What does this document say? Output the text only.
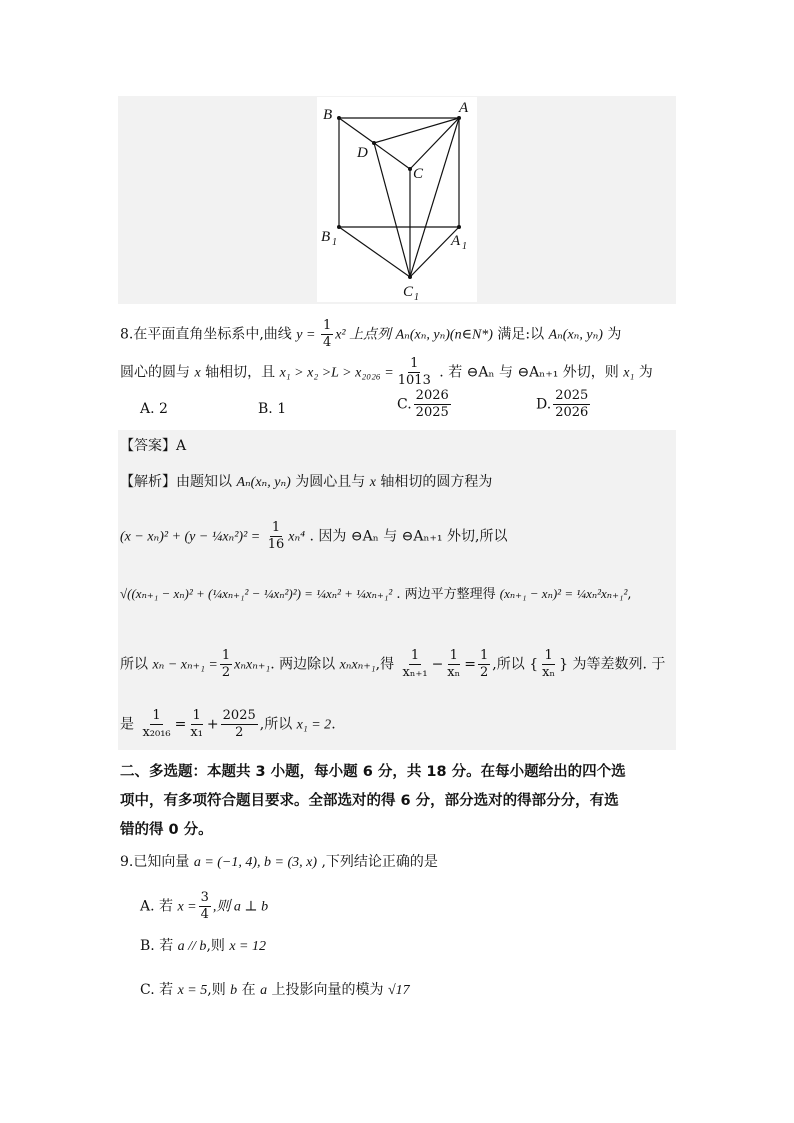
B	A
D
C
B 1	A 1
C 1
8.在平面直角坐标系中,曲线 $y = \frac{1}{4} x^2$ 上点列 Aₙ(xₙ, yₙ)(n∈N*) 满足:以 Aₙ(xₙ, yₙ) 为
圆心的圆与 x 轴相切，且 $x_1 > x_2 >L > x_{2026} = \frac{1}{1013}$ . 若 ⊖Aₙ 与 ⊖Aₙ₊₁ 外切，则 x₁ 为
A. 2	B. 1	C. $\frac{2026}{2025}$	D. $\frac{2025}{2026}$
【答案】A
【解析】由题知以 Aₙ(xₙ, yₙ) 为圆心且与 x 轴相切的圆方程为
(x − xₙ)² + (y − ¼xₙ²)² = $\frac{1}{16} x_n^4$ . 因为 ⊖Aₙ 与 ⊖Aₙ₊₁ 外切,所以
√((xₙ₊₁ − xₙ)² + (¼xₙ₊₁² − ¼xₙ²)²) = ¼xₙ² + ¼xₙ₊₁² . 两边平方整理得 (xₙ₊₁ − xₙ)² = ¼xₙ²xₙ₊₁²,
所以 $x_n - x_{n+1} = \frac{1}{2} x_nx_{n+1}$. 两边除以 xₙxₙ₊₁,得 $\frac{1}{\text{xₙ₊₁}} - \frac{1}{\text{xₙ}} = \frac{1}{2}$ ,所以 { $\frac{1}{\text{xₙ}}$ } 为等差数列. 于
是 $\frac{1}{\text{x₂₀₁₆}} = \frac{1}{\text{x₁}} + \frac{2025}{2}$ ,所以 x₁ = 2.
二、多选题：本题共 3 小题，每小题 6 分，共 18 分。在每小题给出的四个选
项中，有多项符合题目要求。全部选对的得 6 分，部分选对的得部分分，有选
错的得 0 分。
9.已知向量 a = (−1, 4), b = (3, x) ,下列结论正确的是
A. 若 $x = \frac{3}{4}$ ,则 a ⊥ b
B. 若 a // b,则 x = 12
C. 若 x = 5,则 b 在 a 上投影向量的模为 √17
